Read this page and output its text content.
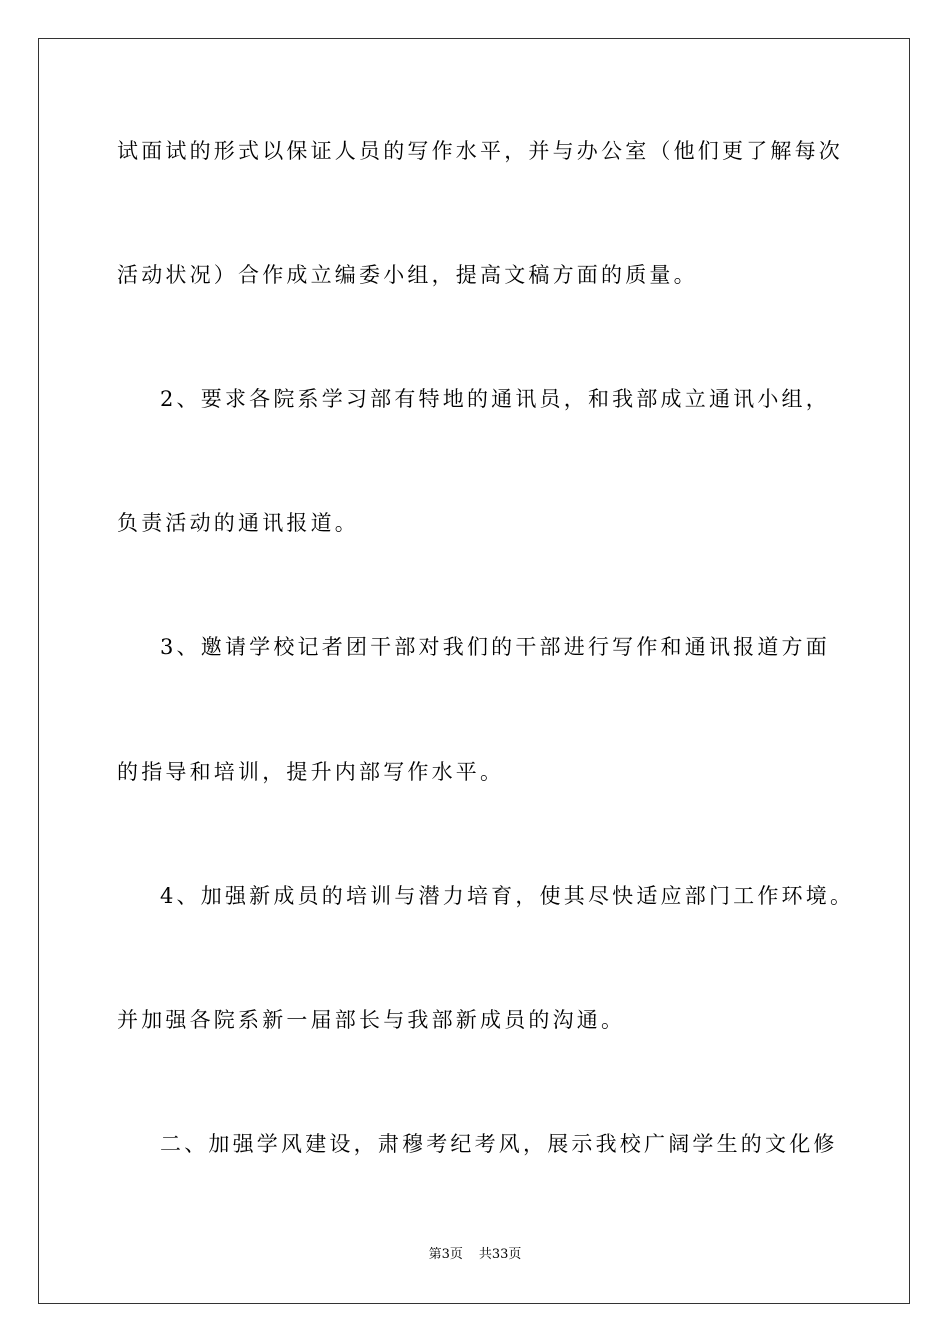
试面试的形式以保证人员的写作水平，并与办公室（他们更了解每次
活动状况）合作成立编委小组，提高文稿方面的质量。
2、要求各院系学习部有特地的通讯员，和我部成立通讯小组，
负责活动的通讯报道。
3、邀请学校记者团干部对我们的干部进行写作和通讯报道方面
的指导和培训，提升内部写作水平。
4、加强新成员的培训与潜力培育，使其尽快适应部门工作环境。
并加强各院系新一届部长与我部新成员的沟通。
二、加强学风建设，肃穆考纪考风，展示我校广阔学生的文化修
第3页 共33页
